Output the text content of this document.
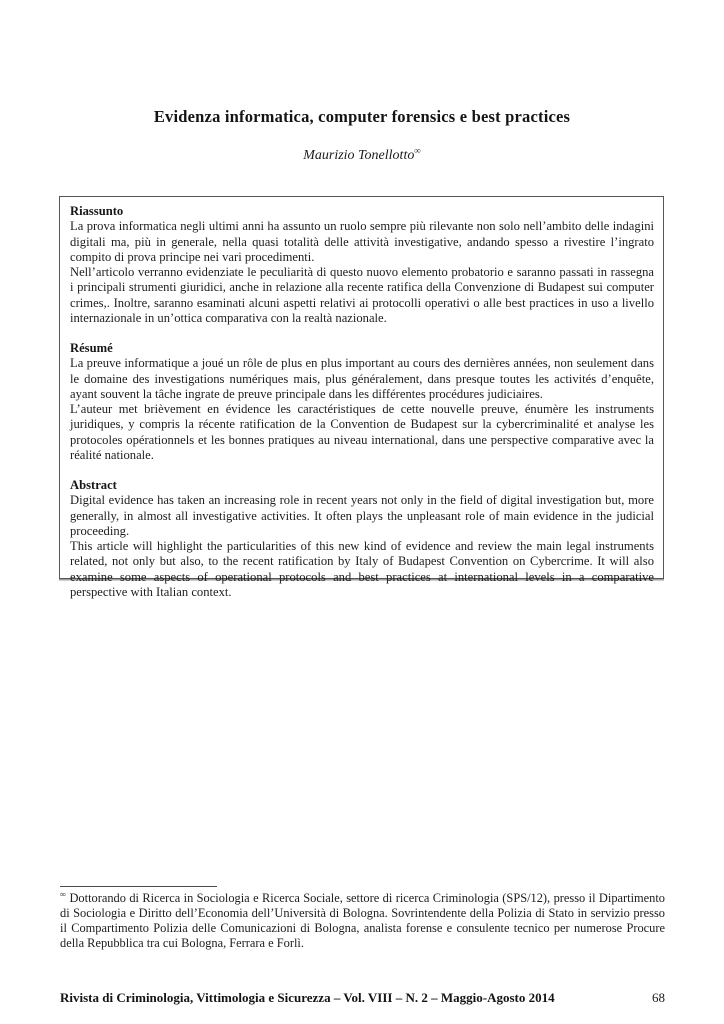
Evidenza informatica, computer forensics e best practices
Maurizio Tonellotto∞
Riassunto

La prova informatica negli ultimi anni ha assunto un ruolo sempre più rilevante non solo nell’ambito delle indagini digitali ma, più in generale, nella quasi totalità delle attività investigative, andando spesso a rivestire l’ingrato compito di prova principe nei vari procedimenti.

Nell’articolo verranno evidenziate le peculiarità di questo nuovo elemento probatorio e saranno passati in rassegna i principali strumenti giuridici, anche in relazione alla recente ratifica della Convenzione di Budapest sui computer crimes,. Inoltre, saranno esaminati alcuni aspetti relativi ai protocolli operativi o alle best practices in uso a livello internazionale in un’ottica comparativa con la realtà nazionale.

Résumé

La preuve informatique a joué un rôle de plus en plus important au cours des dernières années, non seulement dans le domaine des investigations numériques mais, plus généralement, dans presque toutes les activités d’enquête, ayant souvent la tâche ingrate de preuve principale dans les différentes procédures judiciaires.

L’auteur met brièvement en évidence les caractéristiques de cette nouvelle preuve, énumère les instruments juridiques, y compris la récente ratification de la Convention de Budapest sur la cybercriminalité et analyse les protocoles opérationnels et les bonnes pratiques au niveau international, dans une perspective comparative avec la réalité nationale.

Abstract

Digital evidence has taken an increasing role in recent years not only in the field of digital investigation but, more generally, in almost all investigative activities. It often plays the unpleasant role of main evidence in the judicial proceeding.

This article will highlight the particularities of this new kind of evidence and review the main legal instruments related, not only but also, to the recent ratification by Italy of Budapest Convention on Cybercrime. It will also examine some aspects of operational protocols and best practices at international levels in a comparative perspective with Italian context.

∞ Dottorando di Ricerca in Sociologia e Ricerca Sociale, settore di ricerca Criminologia (SPS/12), presso il Dipartimento di Sociologia e Diritto dell’Economia dell’Università di Bologna. Sovrintendente della Polizia di Stato in servizio presso il Compartimento Polizia delle Comunicazioni di Bologna, analista forense e consulente tecnico per numerose Procure della Repubblica tra cui Bologna, Ferrara e Forlì.
Rivista di Criminologia, Vittimologia e Sicurezza – Vol. VIII – N. 2 – Maggio-Agosto 2014	68
